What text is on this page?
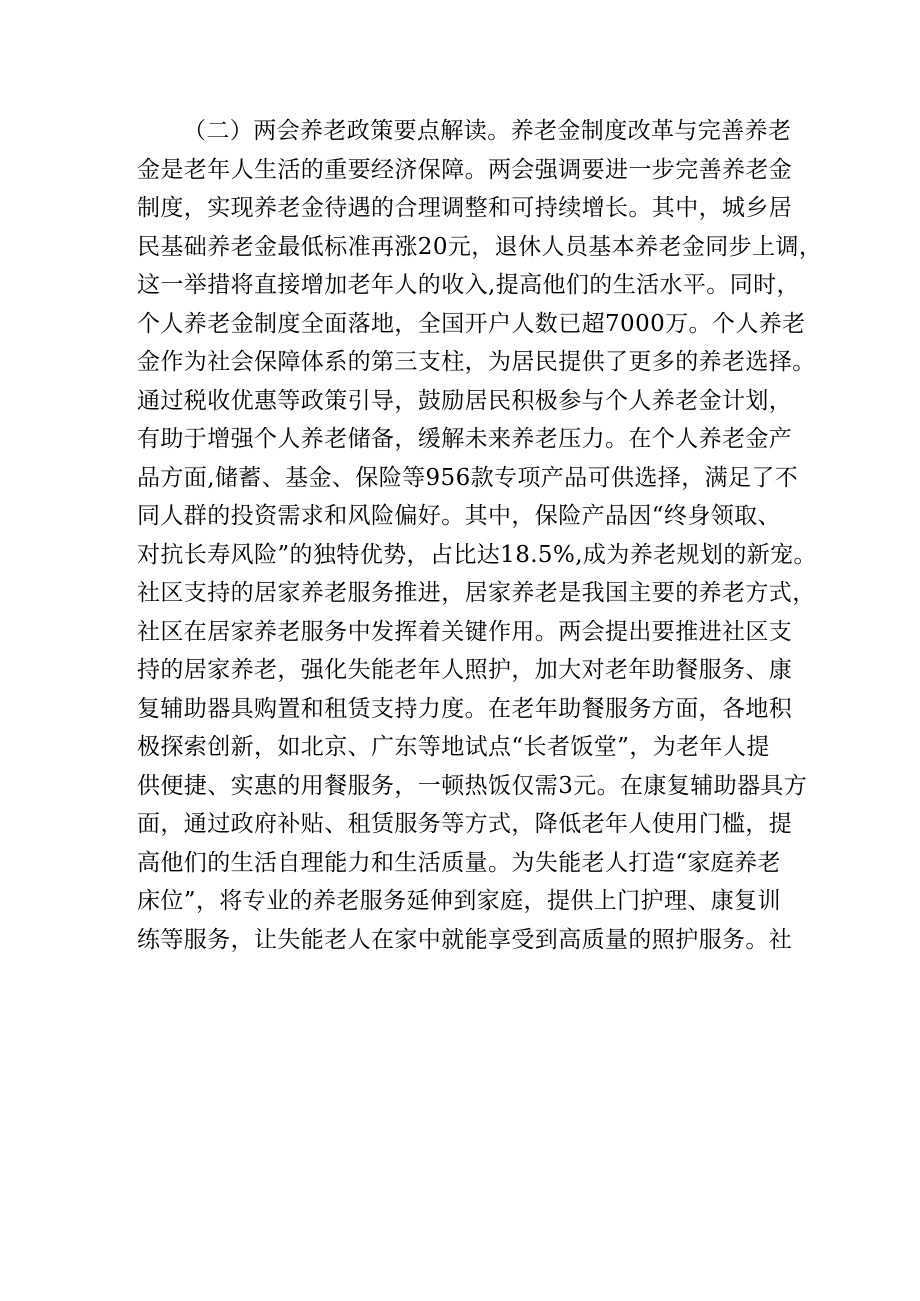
（二）两会养老政策要点解读。养老金制度改革与完善养老
金是老年人生活的重要经济保障。两会强调要进一步完善养老金
制度，实现养老金待遇的合理调整和可持续增长。其中，城乡居
民基础养老金最低标准再涨20元，退休人员基本养老金同步上调，
这一举措将直接增加老年人的收入,提高他们的生活水平。同时，
个人养老金制度全面落地，全国开户人数已超7000万。个人养老
金作为社会保障体系的第三支柱，为居民提供了更多的养老选择。
通过税收优惠等政策引导，鼓励居民积极参与个人养老金计划，
有助于增强个人养老储备，缓解未来养老压力。在个人养老金产
品方面,储蓄、基金、保险等956款专项产品可供选择，满足了不
同人群的投资需求和风险偏好。其中，保险产品因“终身领取、
对抗长寿风险”的独特优势，占比达18.5%,成为养老规划的新宠。
社区支持的居家养老服务推进，居家养老是我国主要的养老方式，
社区在居家养老服务中发挥着关键作用。两会提出要推进社区支
持的居家养老，强化失能老年人照护，加大对老年助餐服务、康
复辅助器具购置和租赁支持力度。在老年助餐服务方面，各地积
极探索创新，如北京、广东等地试点“长者饭堂”，为老年人提
供便捷、实惠的用餐服务，一顿热饭仅需3元。在康复辅助器具方
面，通过政府补贴、租赁服务等方式，降低老年人使用门槛，提
高他们的生活自理能力和生活质量。为失能老人打造“家庭养老
床位”，将专业的养老服务延伸到家庭，提供上门护理、康复训
练等服务，让失能老人在家中就能享受到高质量的照护服务。社
